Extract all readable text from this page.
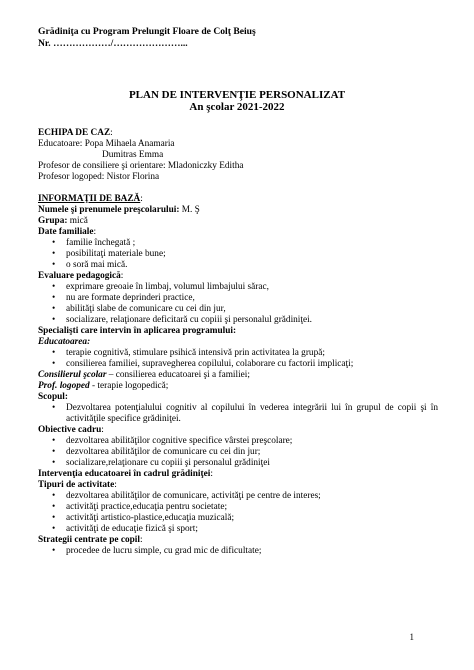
Grădiniţa cu Program Prelungit Floare de Colţ Beiuş
Nr. ………………/…………………...
PLAN DE INTERVENŢIE PERSONALIZAT
An şcolar 2021-2022
ECHIPA DE CAZ:
Educatoare: Popa Mihaela Anamaria
Dumitras Emma
Profesor de consiliere şi orientare: Mladoniczky Editha
Profesor logoped: Nistor Florina
INFORMAŢII DE BAZĂ:
Numele şi prenumele preşcolarului: M. Ş
Grupa: mică
Date familiale:
• familie închegată ;
• posibilitaţi materiale bune;
• o soră mai mică.
Evaluare pedagogică:
• exprimare greoaie în limbaj, volumul limbajului sărac,
• nu are formate deprinderi practice,
• abilităţi slabe de comunicare cu cei din jur,
• socializare, relaţionare deficitară cu copiii şi personalul grădiniţei.
Specialişti care intervin în aplicarea programului:
Educatoarea:
• terapie cognitivă, stimulare psihică intensivă prin activitatea la grupă;
• consilierea familiei, supravegherea copilului, colaborare cu factorii implicaţi;
Consilierul şcolar – consilierea educatoarei şi a familiei;
Prof. logoped - terapie logopedică;
Scopul:
• Dezvoltarea potenţialului cognitiv al copilului în vederea integrării lui în grupul de copii şi în activităţile specifice grădiniţei.
Obiective cadru:
• dezvoltarea abilităţilor cognitive specifice vârstei preşcolare;
• dezvoltarea abilităţilor de comunicare cu cei din jur;
• socializare,relaţionare cu copiii şi personalul grădiniţei
Intervenţia educatoarei în cadrul grădiniţei:
Tipuri de activitate:
• dezvoltarea abilităţilor de comunicare, activităţi pe centre de interes;
• activităţi practice,educaţia pentru societate;
• activităţi artistico-plastice,educaţia muzicală;
• activităţi de educaţie fizică şi sport;
Strategii centrate pe copil:
• procedee de lucru simple, cu grad mic de dificultate;
1
